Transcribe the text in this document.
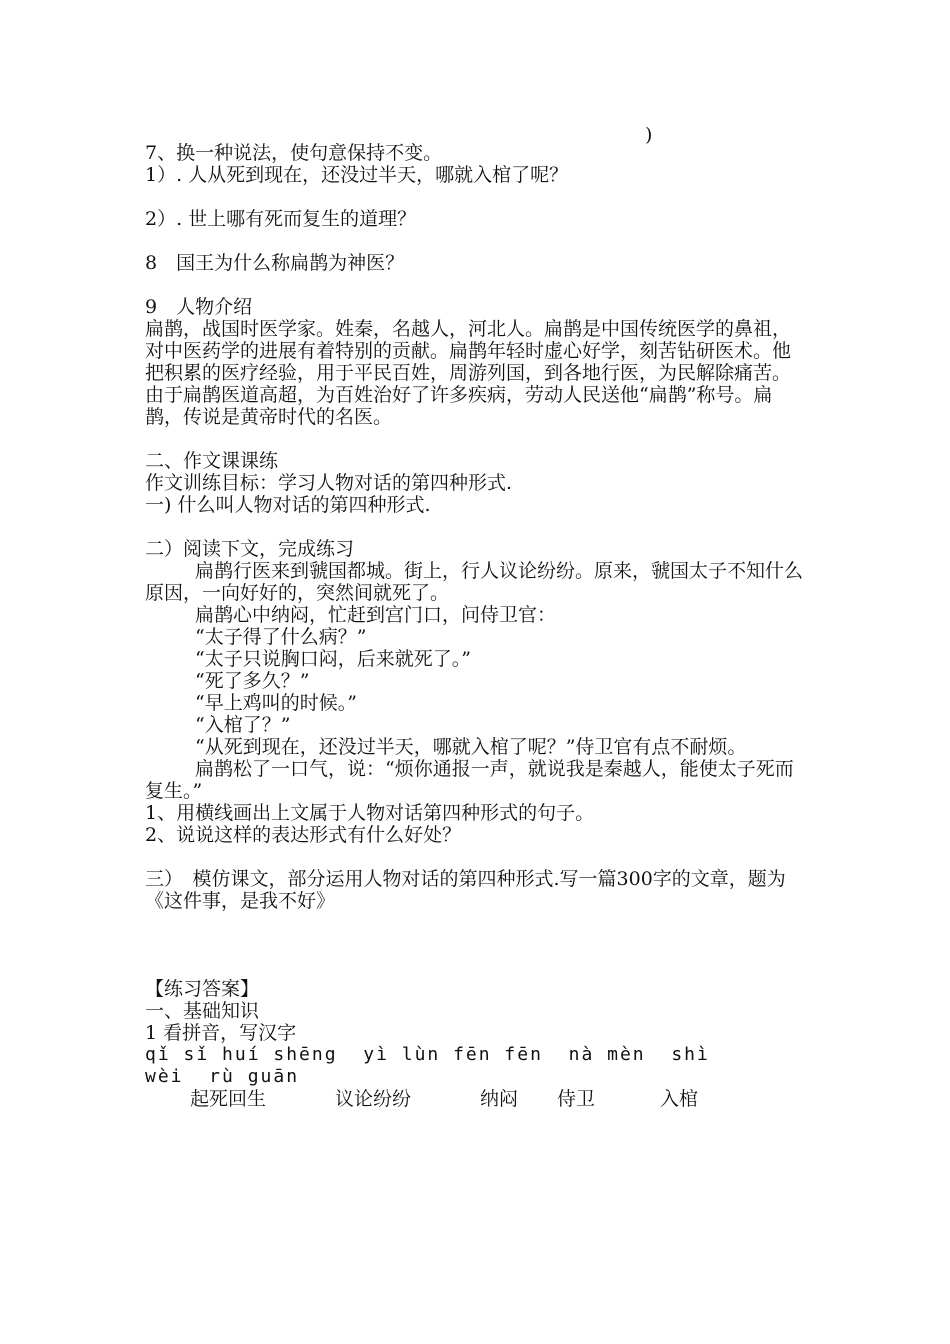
)

7、换一种说法，使句意保持不变。

1）. 人从死到现在，还没过半天，哪就入棺了呢？

2）. 世上哪有死而复生的道理？

8　国王为什么称扁鹊为神医？

9　人物介绍

扁鹊，战国时医学家。姓秦，名越人，河北人。扁鹊是中国传统医学的鼻祖，对中医药学的进展有着特别的贡献。扁鹊年轻时虚心好学，刻苦钻研医术。他把积累的医疗经验，用于平民百姓，周游列国，到各地行医，为民解除痛苦。由于扁鹊医道高超，为百姓治好了许多疾病，劳动人民送他“扁鹊”称号。扁鹊，传说是黄帝时代的名医。

二、作文课课练

作文训练目标：学习人物对话的第四种形式.

一) 什么叫人物对话的第四种形式.

二）阅读下文，完成练习

扁鹊行医来到虢国都城。街上，行人议论纷纷。原来，虢国太子不知什么原因，一向好好的，突然间就死了。

扁鹊心中纳闷，忙赶到宫门口，问侍卫官：

“太子得了什么病？”

“太子只说胸口闷，后来就死了。”

“死了多久？”

“早上鸡叫的时候。”

“入棺了？”

“从死到现在，还没过半天，哪就入棺了呢？”侍卫官有点不耐烦。

扁鹊松了一口气，说：“烦你通报一声，就说我是秦越人，能使太子死而复生。”

1、用横线画出上文属于人物对话第四种形式的句子。

2、说说这样的表达形式有什么好处？

三）　模仿课文，部分运用人物对话的第四种形式.写一篇300字的文章，题为《这件事，是我不好》

【练习答案】

一、基础知识

1 看拼音，写汉字

qǐ sǐ huí shēng  yì lùn fēn fēn  nà mèn  shì

wèi  rù guān

起死回生	议论纷纷	纳闷 侍卫	入棺
